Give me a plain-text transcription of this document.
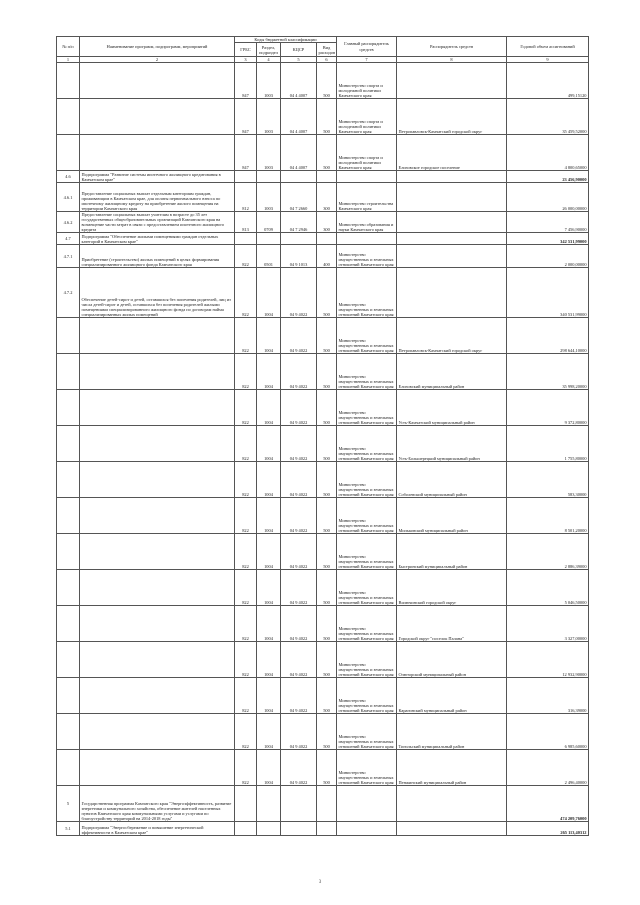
№ п/п	Наименование программ, подпрограмм, мероприятий	Коды бюджетной классификации				Главный распорядитель средств	Распорядитель средств	Годовой объем ассигнований
		ГРБС	Раздел, подраздел	КЦСР	Вид расходов			
1	2	3	4	5	6	7	8	9
		847	1003	04 4 4007	500	Министерство спорта и молодежной политики Камчатского края		499,15120
		847	1003	04 4 4007	500	Министерство спорта и молодежной политики Камчатского края	Петропавловск-Камчатский городской округ	35 459,52000
		847	1003	04 4 4007	500	Министерство спорта и молодежной политики Камчатского края	Елизовское городское поселение	4 800,65000
4.6	Подпрограмма "Развитие системы ипотечного жилищного кредитования в Камчатском крае"							23 456,90000
4.6.1	Предоставление социальных выплат отдельным категориям граждан, проживающим в Камчатском крае, для оплаты первоначального взноса по ипотечному жилищному кредиту на приобретение жилого помещения на территории Камчатского края	812	1003	04 7 2660	300	Министерство строительства Камчатского края		26 000,00000
4.6.2	Предоставление социальных выплат учителям в возрасте до 35 лет государственных общеобразовательных организаций Камчатского края на возмещение части затрат в связи с предоставлением ипотечного жилищного кредита	813	0709	04 7 2946	300	Министерство образования и науки Камчатского края		7 456,90000
4.7	Подпрограмма "Обеспечение жилыми помещениями граждан отдельных категорий в Камчатском крае"							342 531,99000
4.7.1	Приобретение (строительство) жилых помещений в целях формирования специализированного жилищного фонда Камчатского края	822	0501	04 9 1013	400	Министерство имущественных и земельных отношений Камчатского края		2 000,00000
4.7.2	Обеспечение детей-сирот и детей, оставшихся без попечения родителей, лиц из числа детей-сирот и детей, оставшихся без попечения родителей жилыми помещениями специализированного жилищного фонда по договорам найма специализированных жилых помещений	822	1004	04 9 4022	500	Министерство имущественных и земельных отношений Камчатского края		340 531,99000
		822	1004	04 9 4022	500	Министерство имущественных и земельных отношений Камчатского края	Петропавловск-Камчатский городской округ	298 644,10000
		822	1004	04 9 4022	500	Министерство имущественных и земельных отношений Камчатского края	Елизовский муниципальный район	35 998,20000
		822	1004	04 9 4022	500	Министерство имущественных и земельных отношений Камчатского края	Усть-Камчатский муниципальный район	9 372,80000
		822	1004	04 9 4022	500	Министерство имущественных и земельных отношений Камчатского края	Усть-Большерецкий муниципальный район	1 755,80000
		822	1004	04 9 4022	500	Министерство имущественных и земельных отношений Камчатского края	Соболевский муниципальный район	583,30000
		822	1004	04 9 4022	500	Министерство имущественных и земельных отношений Камчатского края	Мильковский муниципальный район	8 501,20000
		822	1004	04 9 4022	500	Министерство имущественных и земельных отношений Камчатского края	Быстринский муниципальный район	2 886,39000
		822	1004	04 9 4022	500	Министерство имущественных и земельных отношений Камчатского края	Вилючинский городской округ	5 046,50000
		822	1004	04 9 4022	500	Министерство имущественных и земельных отношений Камчатского края	Городской округ "поселок Палана"	3 327,00000
		822	1004	04 9 4022	500	Министерство имущественных и земельных отношений Камчатского края	Олюторский муниципальный район	12 932,90000
		822	1004	04 9 4022	500	Министерство имущественных и земельных отношений Камчатского края	Карагинский муниципальный район	316,39000
		822	1004	04 9 4022	500	Министерство имущественных и земельных отношений Камчатского края	Тигильский муниципальный район	6 985,60000
		822	1004	04 9 4022	500	Министерство имущественных и земельных отношений Камчатского края	Пенжинский муниципальный район	2 496,40000
5	Государственная программа Камчатского края "Энергоэффективность, развитие энергетики и коммунального хозяйства, обеспечение жителей населенных пунктов Камчатского края коммунальными услугами и услугами по благоустройству территорий на 2014-2018 годы"							474 209,76000
5.1	Подпрограмма "Энергосбережение и повышение энергетической эффективности в Камчатском крае"							265 113,40312
3
